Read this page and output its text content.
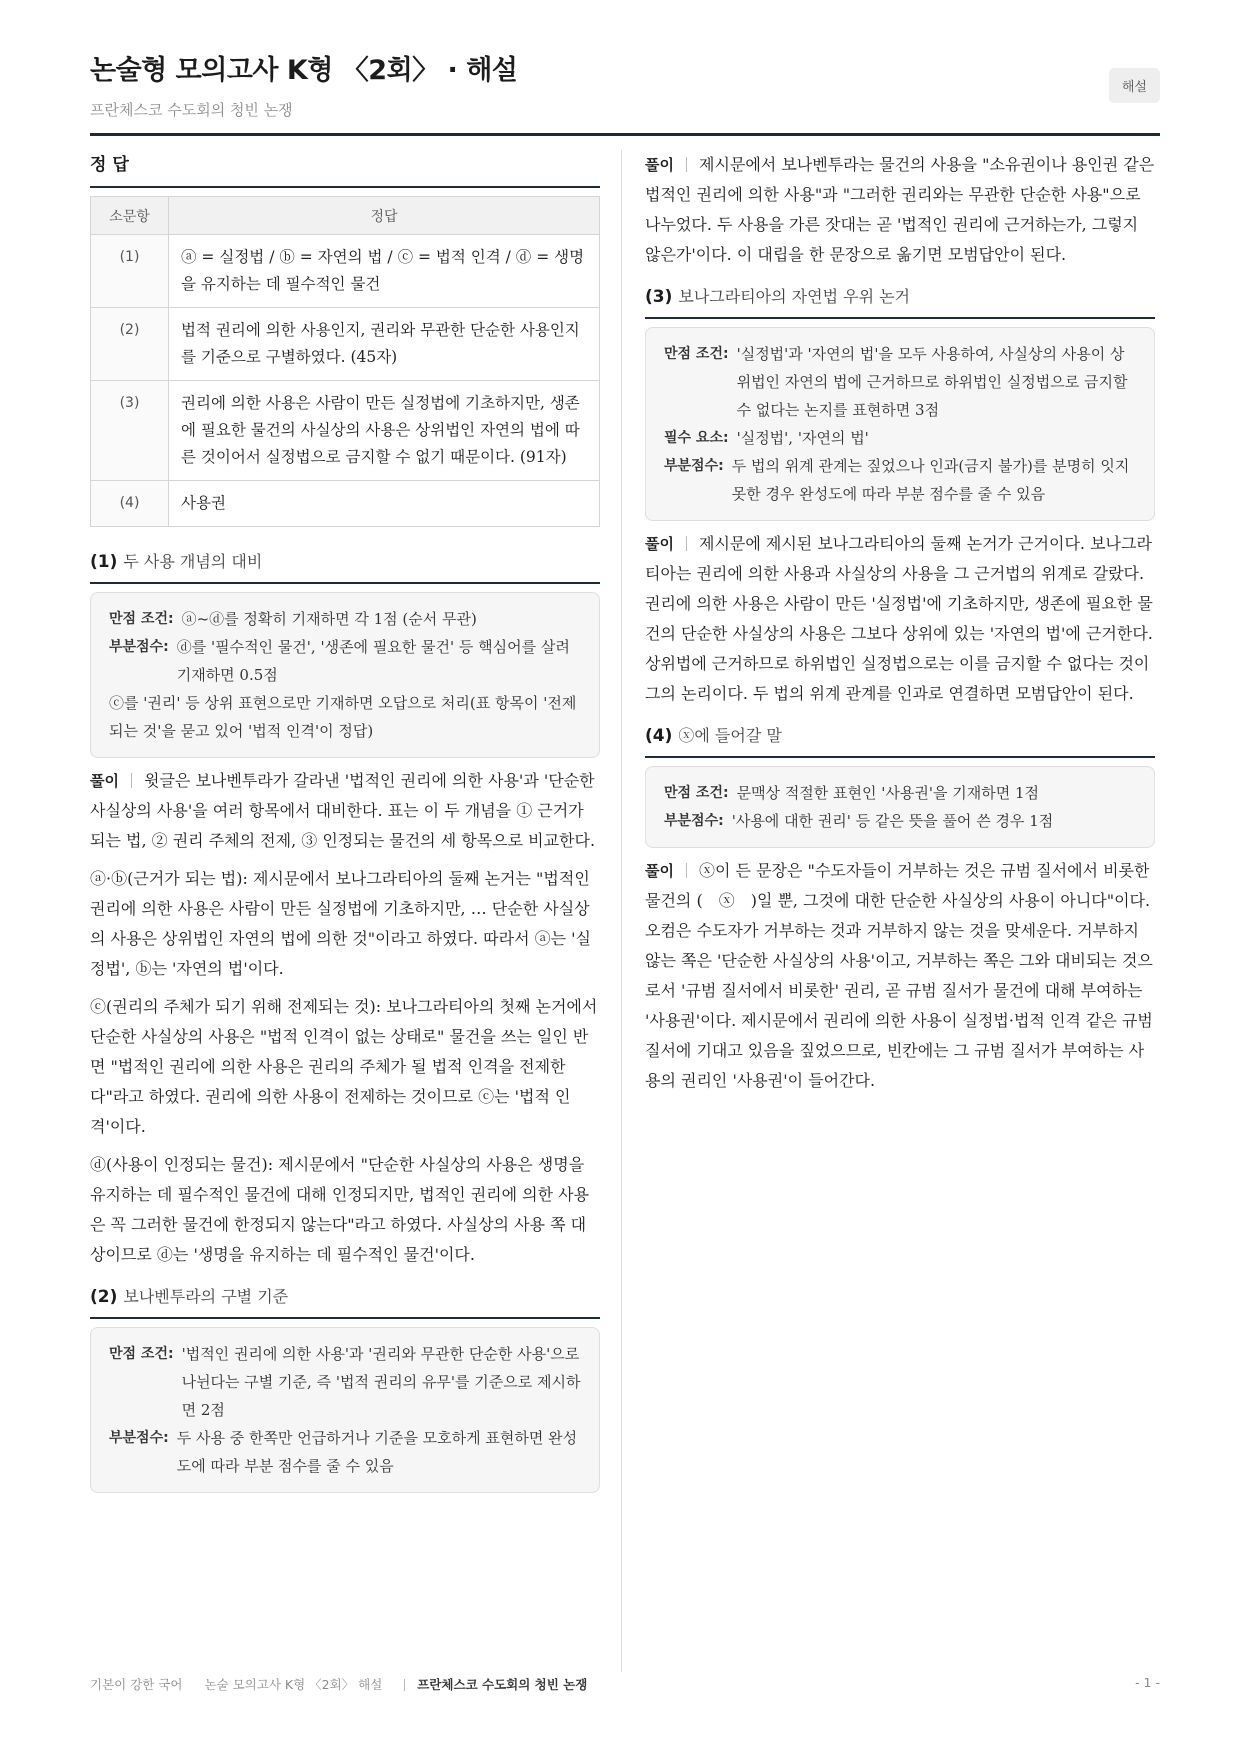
논술형 모의고사 K형 〈2회〉 · 해설
프란체스코 수도회의 청빈 논쟁
해설
정 답
소문항	정답
(1)	ⓐ = 실정법 / ⓑ = 자연의 법 / ⓒ = 법적 인격 / ⓓ = 생명을 유지하는 데 필수적인 물건
(2)	법적 권리에 의한 사용인지, 권리와 무관한 단순한 사용인지를 기준으로 구별하였다. (45자)
(3)	권리에 의한 사용은 사람이 만든 실정법에 기초하지만, 생존에 필요한 물건의 사실상의 사용은 상위법인 자연의 법에 따른 것이어서 실정법으로 금지할 수 없기 때문이다. (91자)
(4)	사용권
(1) 두 사용 개념의 대비
만점 조건: ⓐ~ⓓ를 정확히 기재하면 각 1점 (순서 무관)
부분점수: ⓓ를 '필수적인 물건', '생존에 필요한 물건' 등 핵심어를 살려 기재하면 0.5점
ⓒ를 '권리' 등 상위 표현으로만 기재하면 오답으로 처리(표 항목이 '전제되는 것'을 묻고 있어 '법적 인격'이 정답)

풀이 윗글은 보나벤투라가 갈라낸 '법적인 권리에 의한 사용'과 '단순한 사실상의 사용'을 여러 항목에서 대비한다. 표는 이 두 개념을 ① 근거가 되는 법, ② 권리 주체의 전제, ③ 인정되는 물건의 세 항목으로 비교한다.

ⓐ·ⓑ(근거가 되는 법): 제시문에서 보나그라티아의 둘째 논거는 "법적인 권리에 의한 사용은 사람이 만든 실정법에 기초하지만, … 단순한 사실상의 사용은 상위법인 자연의 법에 의한 것"이라고 하였다. 따라서 ⓐ는 '실정법', ⓑ는 '자연의 법'이다.

ⓒ(권리의 주체가 되기 위해 전제되는 것): 보나그라티아의 첫째 논거에서 단순한 사실상의 사용은 "법적 인격이 없는 상태로" 물건을 쓰는 일인 반면 "법적인 권리에 의한 사용은 권리의 주체가 될 법적 인격을 전제한다"라고 하였다. 권리에 의한 사용이 전제하는 것이므로 ⓒ는 '법적 인격'이다.

ⓓ(사용이 인정되는 물건): 제시문에서 "단순한 사실상의 사용은 생명을 유지하는 데 필수적인 물건에 대해 인정되지만, 법적인 권리에 의한 사용은 꼭 그러한 물건에 한정되지 않는다"라고 하였다. 사실상의 사용 쪽 대상이므로 ⓓ는 '생명을 유지하는 데 필수적인 물건'이다.

(2) 보나벤투라의 구별 기준
만점 조건: '법적인 권리에 의한 사용'과 '권리와 무관한 단순한 사용'으로 나뉜다는 구별 기준, 즉 '법적 권리의 유무'를 기준으로 제시하면 2점
부분점수: 두 사용 중 한쪽만 언급하거나 기준을 모호하게 표현하면 완성도에 따라 부분 점수를 줄 수 있음

풀이 제시문에서 보나벤투라는 물건의 사용을 "소유권이나 용인권 같은 법적인 권리에 의한 사용"과 "그러한 권리와는 무관한 단순한 사용"으로 나누었다. 두 사용을 가른 잣대는 곧 '법적인 권리에 근거하는가, 그렇지 않은가'이다. 이 대립을 한 문장으로 옮기면 모범답안이 된다.

(3) 보나그라티아의 자연법 우위 논거
만점 조건: '실정법'과 '자연의 법'을 모두 사용하여, 사실상의 사용이 상위법인 자연의 법에 근거하므로 하위법인 실정법으로 금지할 수 없다는 논지를 표현하면 3점
필수 요소: '실정법', '자연의 법'
부분점수: 두 법의 위계 관계는 짚었으나 인과(금지 불가)를 분명히 잇지 못한 경우 완성도에 따라 부분 점수를 줄 수 있음

풀이 제시문에 제시된 보나그라티아의 둘째 논거가 근거이다. 보나그라티아는 권리에 의한 사용과 사실상의 사용을 그 근거법의 위계로 갈랐다. 권리에 의한 사용은 사람이 만든 '실정법'에 기초하지만, 생존에 필요한 물건의 단순한 사실상의 사용은 그보다 상위에 있는 '자연의 법'에 근거한다. 상위법에 근거하므로 하위법인 실정법으로는 이를 금지할 수 없다는 것이 그의 논리이다. 두 법의 위계 관계를 인과로 연결하면 모범답안이 된다.

(4) ⓧ에 들어갈 말
만점 조건: 문맥상 적절한 표현인 '사용권'을 기재하면 1점
부분점수: '사용에 대한 권리' 등 같은 뜻을 풀어 쓴 경우 1점

풀이 ⓧ이 든 문장은 "수도자들이 거부하는 것은 규범 질서에서 비롯한 물건의 (　ⓧ　)일 뿐, 그것에 대한 단순한 사실상의 사용이 아니다"이다. 오컴은 수도자가 거부하는 것과 거부하지 않는 것을 맞세운다. 거부하지 않는 쪽은 '단순한 사실상의 사용'이고, 거부하는 쪽은 그와 대비되는 것으로서 '규범 질서에서 비롯한' 권리, 곧 규범 질서가 물건에 대해 부여하는 '사용권'이다. 제시문에서 권리에 의한 사용이 실정법·법적 인격 같은 규범 질서에 기대고 있음을 짚었으므로, 빈칸에는 그 규범 질서가 부여하는 사용의 권리인 '사용권'이 들어간다.

기본이 강한 국어 논술 모의고사 K형 〈2회〉 해설	프란체스코 수도회의 청빈 논쟁	- 1 -
